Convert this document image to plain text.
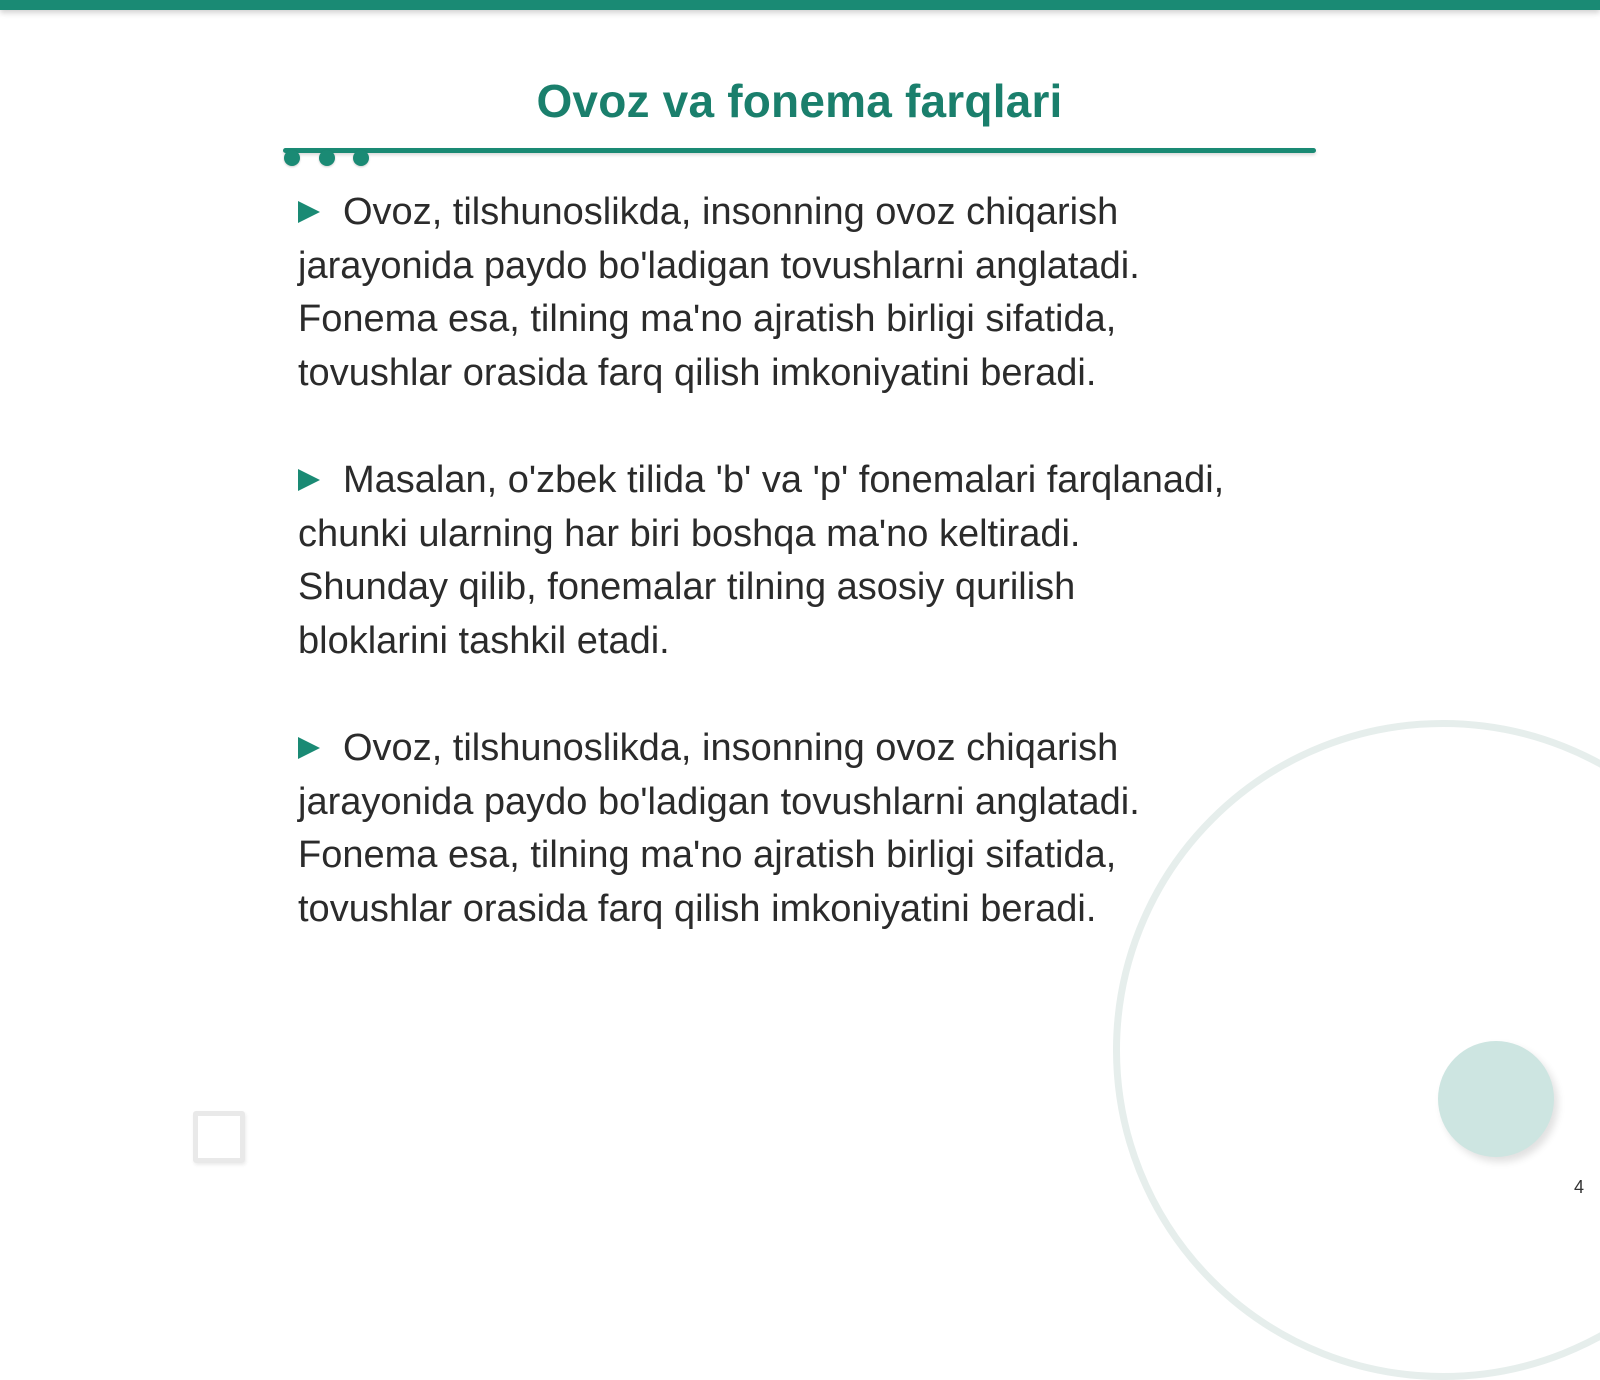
Ovoz va fonema farqlari

Ovoz, tilshunoslikda, insonning ovoz chiqarish
jarayonida paydo bo'ladigan tovushlarni anglatadi.
Fonema esa, tilning ma'no ajratish birligi sifatida,
tovushlar orasida farq qilish imkoniyatini beradi.

Masalan, o'zbek tilida 'b' va 'p' fonemalari farqlanadi,
chunki ularning har biri boshqa ma'no keltiradi.
Shunday qilib, fonemalar tilning asosiy qurilish
bloklarini tashkil etadi.

Ovoz, tilshunoslikda, insonning ovoz chiqarish
jarayonida paydo bo'ladigan tovushlarni anglatadi.
Fonema esa, tilning ma'no ajratish birligi sifatida,
tovushlar orasida farq qilish imkoniyatini beradi.

4
